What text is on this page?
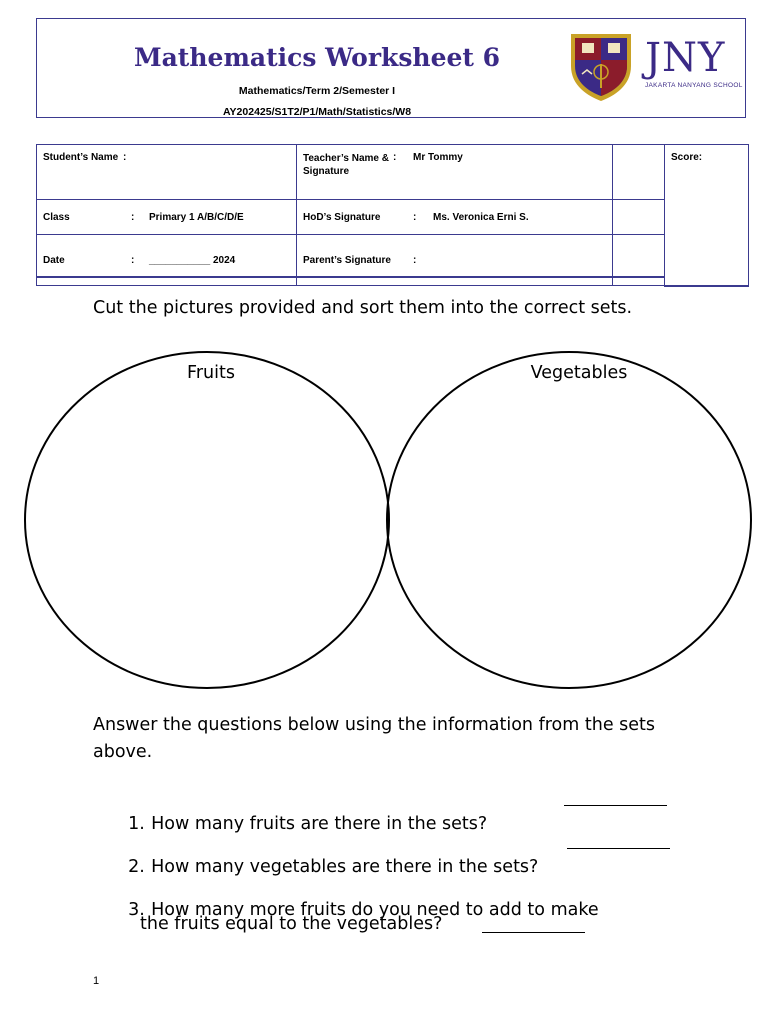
Mathematics Worksheet 6
Mathematics/Term 2/Semester I
AY202425/S1T2/P1/Math/Statistics/W8
JNY
JAKARTA NANYANG SCHOOL
Student’s Name :	Teacher’s Name & Signature: Mr Tommy		Score:
Class : Primary 1 A/B/C/D/E	HoD’s Signature : Ms. Veronica Erni S.		
Date : ___________ 2024	Parent’s Signature :		
Cut the pictures provided and sort them into the correct sets.
Fruits	Vegetables
Answer the questions below using the information from the sets above.

1. How many fruits are there in the sets?

2. How many vegetables are there in the sets?

3. How many more fruits do you need to add to make

the fruits equal to the vegetables?
1
